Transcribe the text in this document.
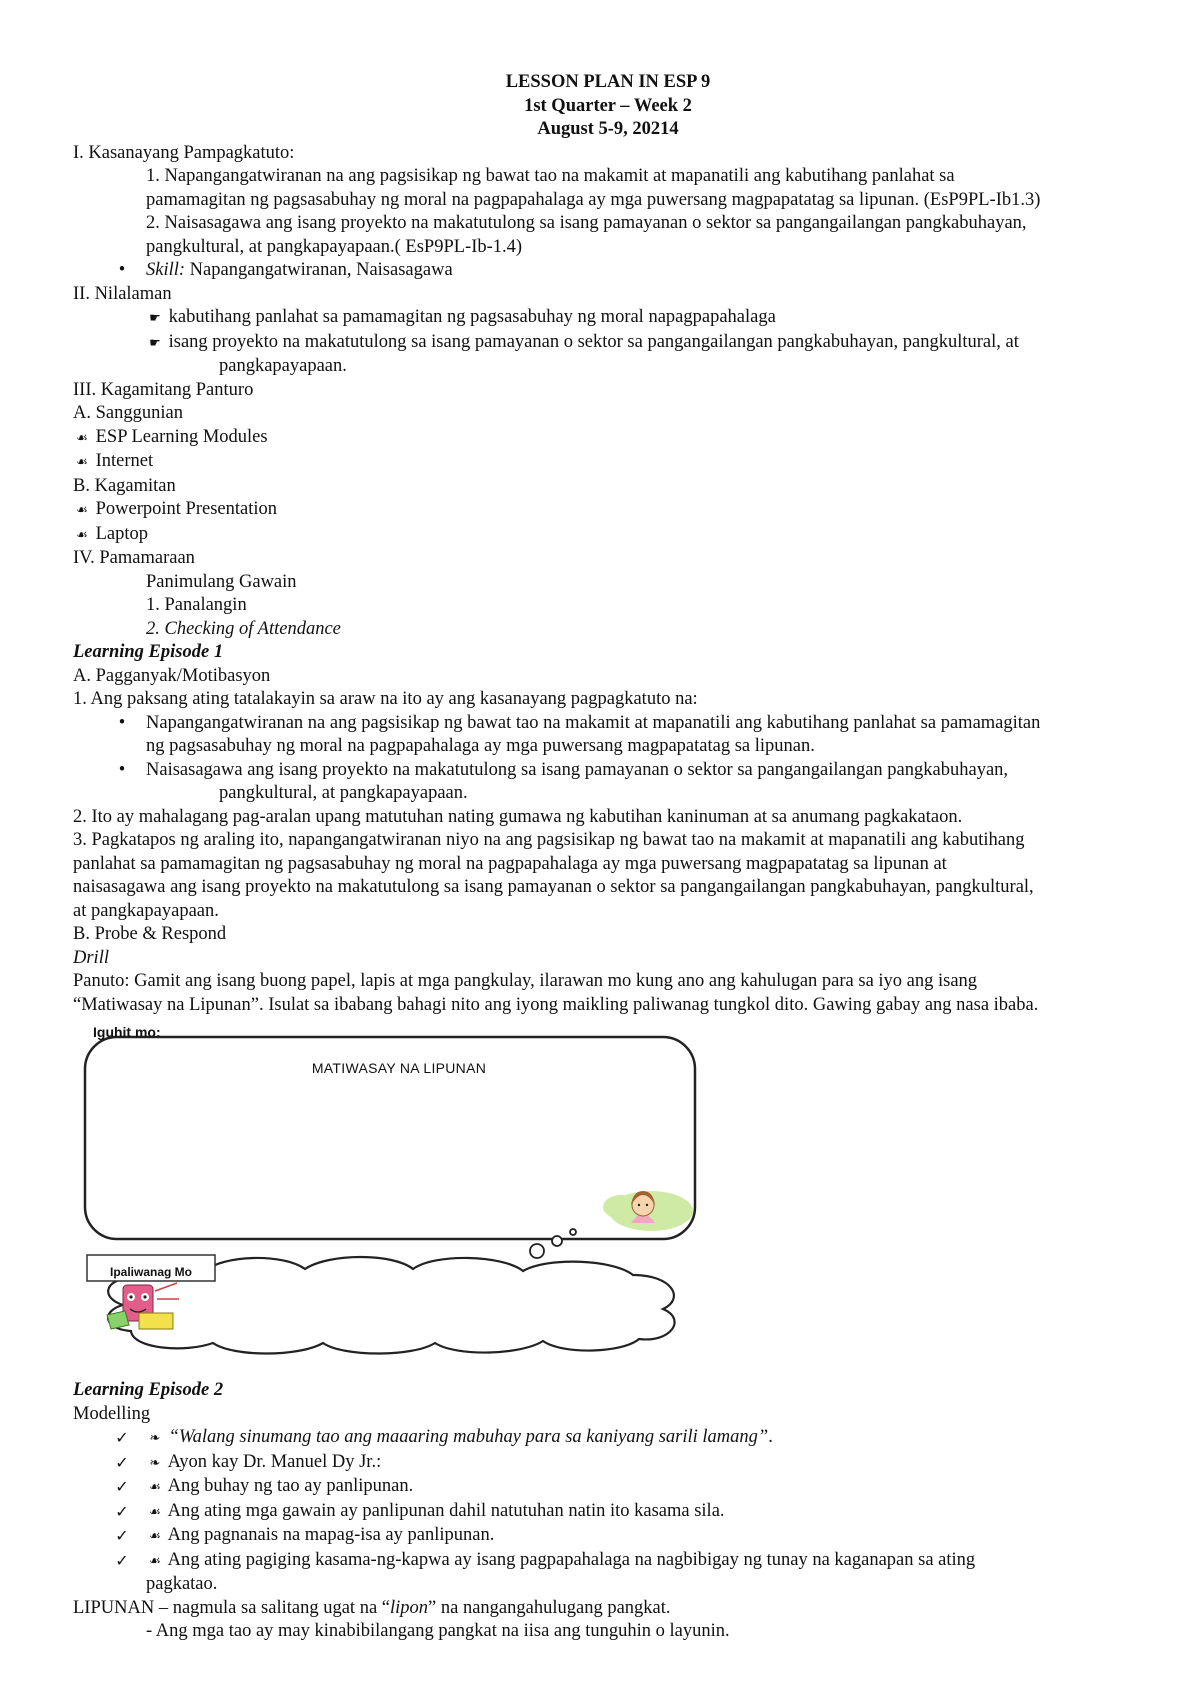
LESSON PLAN IN ESP 9

1st Quarter – Week 2

August 5-9, 20214

I. Kasanayang Pampagkatuto:

1. Napangangatwiranan na ang pagsisikap ng bawat tao na makamit at mapanatili ang kabutihang panlahat sa

pamamagitan ng pagsasabuhay ng moral na pagpapahalaga ay mga puwersang magpapatatag sa lipunan. (EsP9PL-Ib1.3)

2. Naisasagawa ang isang proyekto na makatutulong sa isang pamayanan o sektor sa pangangailangan pangkabuhayan,

pangkultural, at pangkapayapaan.( EsP9PL-Ib-1.4)

•	Skill: Napangangatwiranan, Naisasagawa

II. Nilalaman

☛ kabutihang panlahat sa pamamagitan ng pagsasabuhay ng moral napagpapahalaga

☛ isang proyekto na makatutulong sa isang pamayanan o sektor sa pangangailangan pangkabuhayan, pangkultural, at

pangkapayapaan.

III. Kagamitang Panturo

A. Sanggunian

☙ ESP Learning Modules

☙ Internet

B. Kagamitan

☙ Powerpoint Presentation

☙ Laptop

IV. Pamamaraan

Panimulang Gawain

1. Panalangin

2. Checking of Attendance

Learning Episode 1

A. Pagganyak/Motibasyon

1. Ang paksang ating tatalakayin sa araw na ito ay ang kasanayang pagpagkatuto na:

•	Napangangatwiranan na ang pagsisikap ng bawat tao na makamit at mapanatili ang kabutihang panlahat sa pamamagitan

ng pagsasabuhay ng moral na pagpapahalaga ay mga puwersang magpapatatag sa lipunan.

•	Naisasagawa ang isang proyekto na makatutulong sa isang pamayanan o sektor sa pangangailangan pangkabuhayan,

pangkultural, at pangkapayapaan.

2. Ito ay mahalagang pag-aralan upang matutuhan nating gumawa ng kabutihan kaninuman at sa anumang pagkakataon.

3. Pagkatapos ng araling ito, napangangatwiranan niyo na ang pagsisikap ng bawat tao na makamit at mapanatili ang kabutihang

panlahat sa pamamagitan ng pagsasabuhay ng moral na pagpapahalaga ay mga puwersang magpapatatag sa lipunan at

naisasagawa ang isang proyekto na makatutulong sa isang pamayanan o sektor sa pangangailangan pangkabuhayan, pangkultural,

at pangkapayapaan.

B. Probe & Respond

Drill

Panuto: Gamit ang isang buong papel, lapis at mga pangkulay, ilarawan mo kung ano ang kahulugan para sa iyo ang isang

“Matiwasay na Lipunan”. Isulat sa ibabang bahagi nito ang iyong maikling paliwanag tungkol dito. Gawing gabay ang nasa ibaba.

Iguhit mo:
MATIWASAY NA LIPUNAN
Ipaliwanag Mo

Learning Episode 2

Modelling

✓	❧ “Walang sinumang tao ang maaaring mabuhay para sa kaniyang sarili lamang”.

✓	❧ Ayon kay Dr. Manuel Dy Jr.:

✓	☙ Ang buhay ng tao ay panlipunan.

✓	☙ Ang ating mga gawain ay panlipunan dahil natutuhan natin ito kasama sila.

✓	☙ Ang pagnanais na mapag-isa ay panlipunan.

✓	☙ Ang ating pagiging kasama-ng-kapwa ay isang pagpapahalaga na nagbibigay ng tunay na kaganapan sa ating

pagkatao.

LIPUNAN – nagmula sa salitang ugat na “lipon” na nangangahulugang pangkat.

- Ang mga tao ay may kinabibilangang pangkat na iisa ang tunguhin o layunin.
